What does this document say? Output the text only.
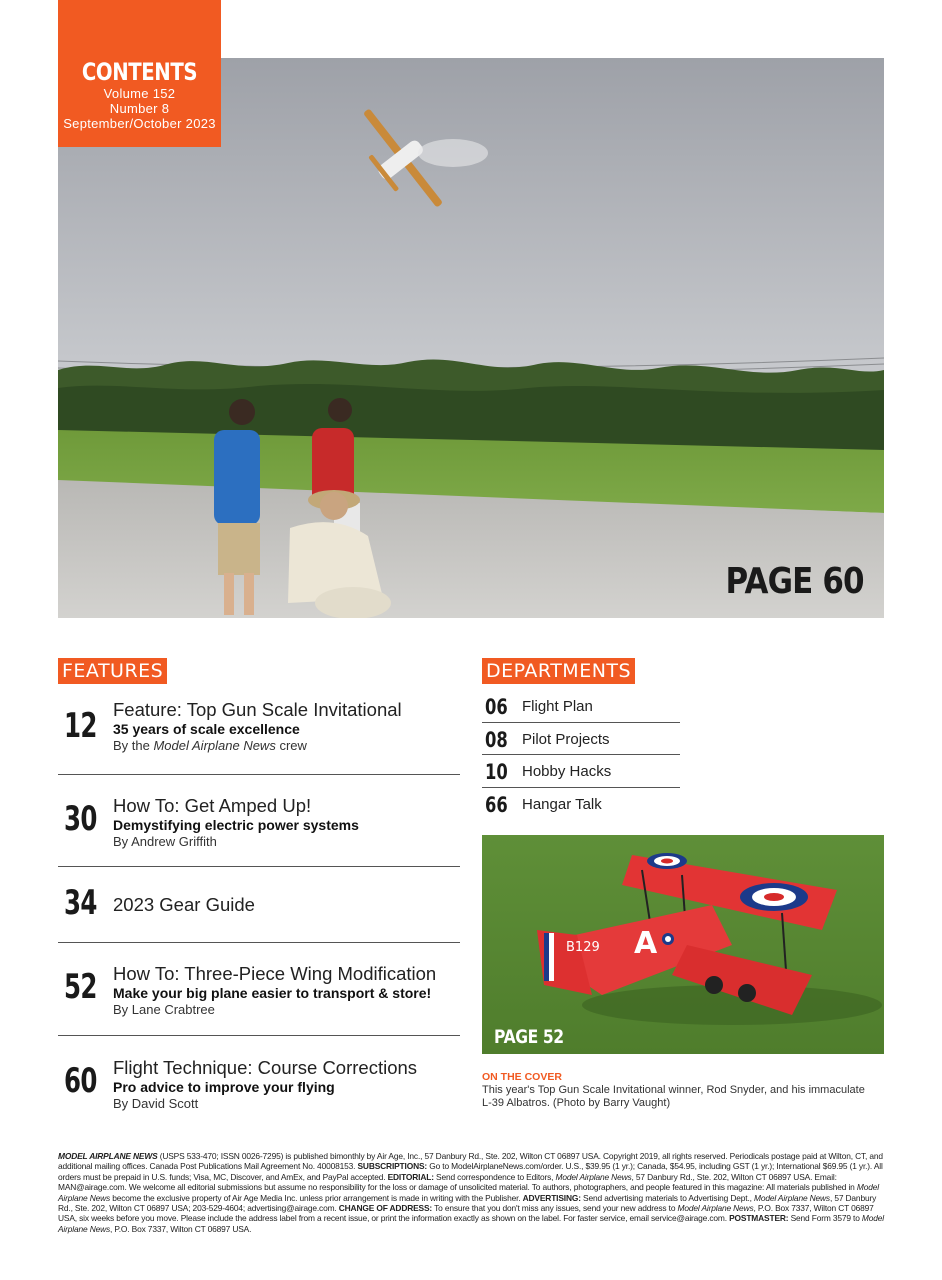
PAGE 60
CONTENTS
Volume 152
Number 8
September/October 2023
FEATURES
12 Feature: Top Gun Scale Invitational
35 years of scale excellence
By the Model Airplane News crew
30 How To: Get Amped Up!
Demystifying electric power systems
By Andrew Griffith
34 2023 Gear Guide
52 How To: Three-Piece Wing Modification
Make your big plane easier to transport & store!
By Lane Crabtree
60 Flight Technique: Course Corrections
Pro advice to improve your flying
By David Scott
DEPARTMENTS
06 Flight Plan
08 Pilot Projects
10 Hobby Hacks
66 Hangar Talk
B129 A
PAGE 52
ON THE COVER
This year's Top Gun Scale Invitational winner, Rod Snyder, and his immaculate
L-39 Albatros. (Photo by Barry Vaught)
MODEL AIRPLANE NEWS (USPS 533-470; ISSN 0026-7295) is published bimonthly by Air Age, Inc., 57 Danbury Rd., Ste. 202, Wilton CT 06897 USA. Copyright 2019, all rights reserved. Periodicals postage paid at Wilton, CT, and additional mailing offices. Canada Post Publications Mail Agreement No. 40008153. SUBSCRIPTIONS: Go to ModelAirplaneNews.com/order. U.S., $39.95 (1 yr.); Canada, $54.95, including GST (1 yr.); International $69.95 (1 yr.). All orders must be prepaid in U.S. funds; Visa, MC, Discover, and AmEx, and PayPal accepted. EDITORIAL: Send correspondence to Editors, Model Airplane News, 57 Danbury Rd., Ste. 202, Wilton CT 06897 USA. Email: MAN@airage.com. We welcome all editorial submissions but assume no responsibility for the loss or damage of unsolicited material. To authors, photographers, and people featured in this magazine: All materials published in Model Airplane News become the exclusive property of Air Age Media Inc. unless prior arrangement is made in writing with the Publisher. ADVERTISING: Send advertising materials to Advertising Dept., Model Airplane News, 57 Danbury Rd., Ste. 202, Wilton CT 06897 USA; 203-529-4604; advertising@airage.com. CHANGE OF ADDRESS: To ensure that you don't miss any issues, send your new address to Model Airplane News, P.O. Box 7337, Wilton CT 06897 USA, six weeks before you move. Please include the address label from a recent issue, or print the information exactly as shown on the label. For faster service, email service@airage.com. POSTMASTER: Send Form 3579 to Model Airplane News, P.O. Box 7337, Wilton CT 06897 USA.
